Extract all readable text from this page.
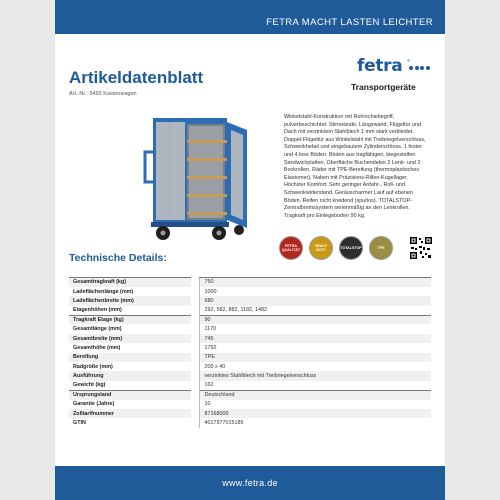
FETRA MACHT LASTEN LEICHTER
Artikeldatenblatt
Art.-Nr.: 5492 Kastenwagen
fetra ®
Transportgeräte
Winkelstahl-Konstruktion mit Rohrschiebegriff, pulverbeschichtet. Stirnwände, Längswand, Flügeltür und Dach mit verzinktem Stahlblech 1 mm stark verkleidet. Doppel-Flügeltür aus Winkelstahl mit Treibriegelverschluss, Schwenkhebel und eingebautem Zylinderschloss. 1 fester und 4 lose Böden. Böden aus tragfähigen, biegesteifen Sandwichplatten, Oberfläche Buchendekor.2 Lenk- und 2 Bockrollen, Räder mit TPE-Bereifung (thermoplastisches Elastomer), Naben mit Präzisions-Rillen-Kugellager. Höchster Komfort: Sehr geringer Anfahr-, Roll- und Schwenkwiderstand. Geräuscharmer Lauf auf ebenen Böden. Reifen nicht kreidend (spurlos). TOTALSTOP-Zentralbremssystem serienmäßig an den Lenkrollen. Tragkraft pro Einlegeboden 90 kg.
Technische Details:
FETRA QUALITÄT
HEAVY DUTY
TOTALSTOP	TPE
Gesamttragkraft (kg)		750
Ladeflächenlänge (mm)		1000
Ladeflächenbreite (mm)		680
Etagenhöhen (mm)		292, 582, 882, 1182, 1482
Tragkraft Etage (kg)		90
Gesamtlänge (mm)		1170
Gesamtbreite (mm)		745
Gesamthöhe (mm)		1792
Bereifung		TPE
Radgröße (mm)		200 x 40
Ausführung		verzinktes Stahlblech mit Treibriegelverschluss
Gewicht (kg)		162
Ursprungsland		Deutschland
Garantie (Jahre)		10
Zolltarifnummer		87168000
GTIN		4017977015185
www.fetra.de
